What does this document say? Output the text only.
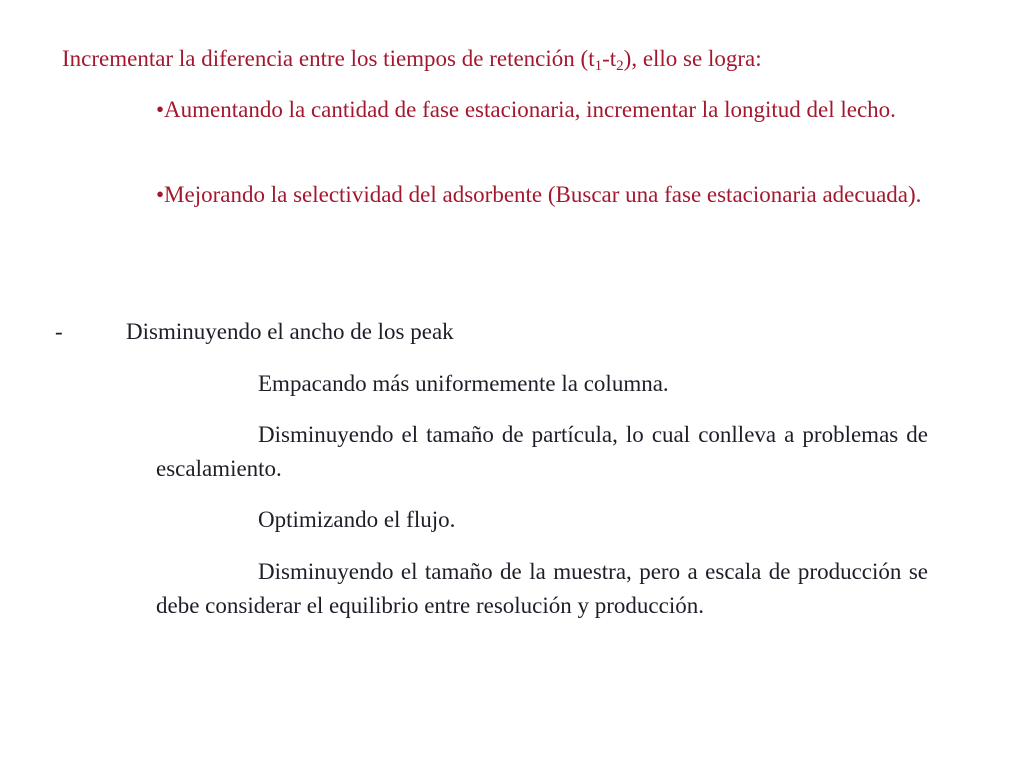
Incrementar la diferencia entre los tiempos de retención $(t_1-t_2)$, ello se logra:

•Aumentando la cantidad de fase estacionaria, incrementar la longitud del lecho.

•Mejorando la selectividad del adsorbente (Buscar una fase estacionaria adecuada).

-	Disminuyendo el ancho de los peak

Empacando más uniformemente la columna.

Disminuyendo el tamaño de partícula, lo cual conlleva a problemas de escalamiento.

Optimizando el flujo.

Disminuyendo el tamaño de la muestra, pero a escala de producción se debe considerar el equilibrio entre resolución y producción.
